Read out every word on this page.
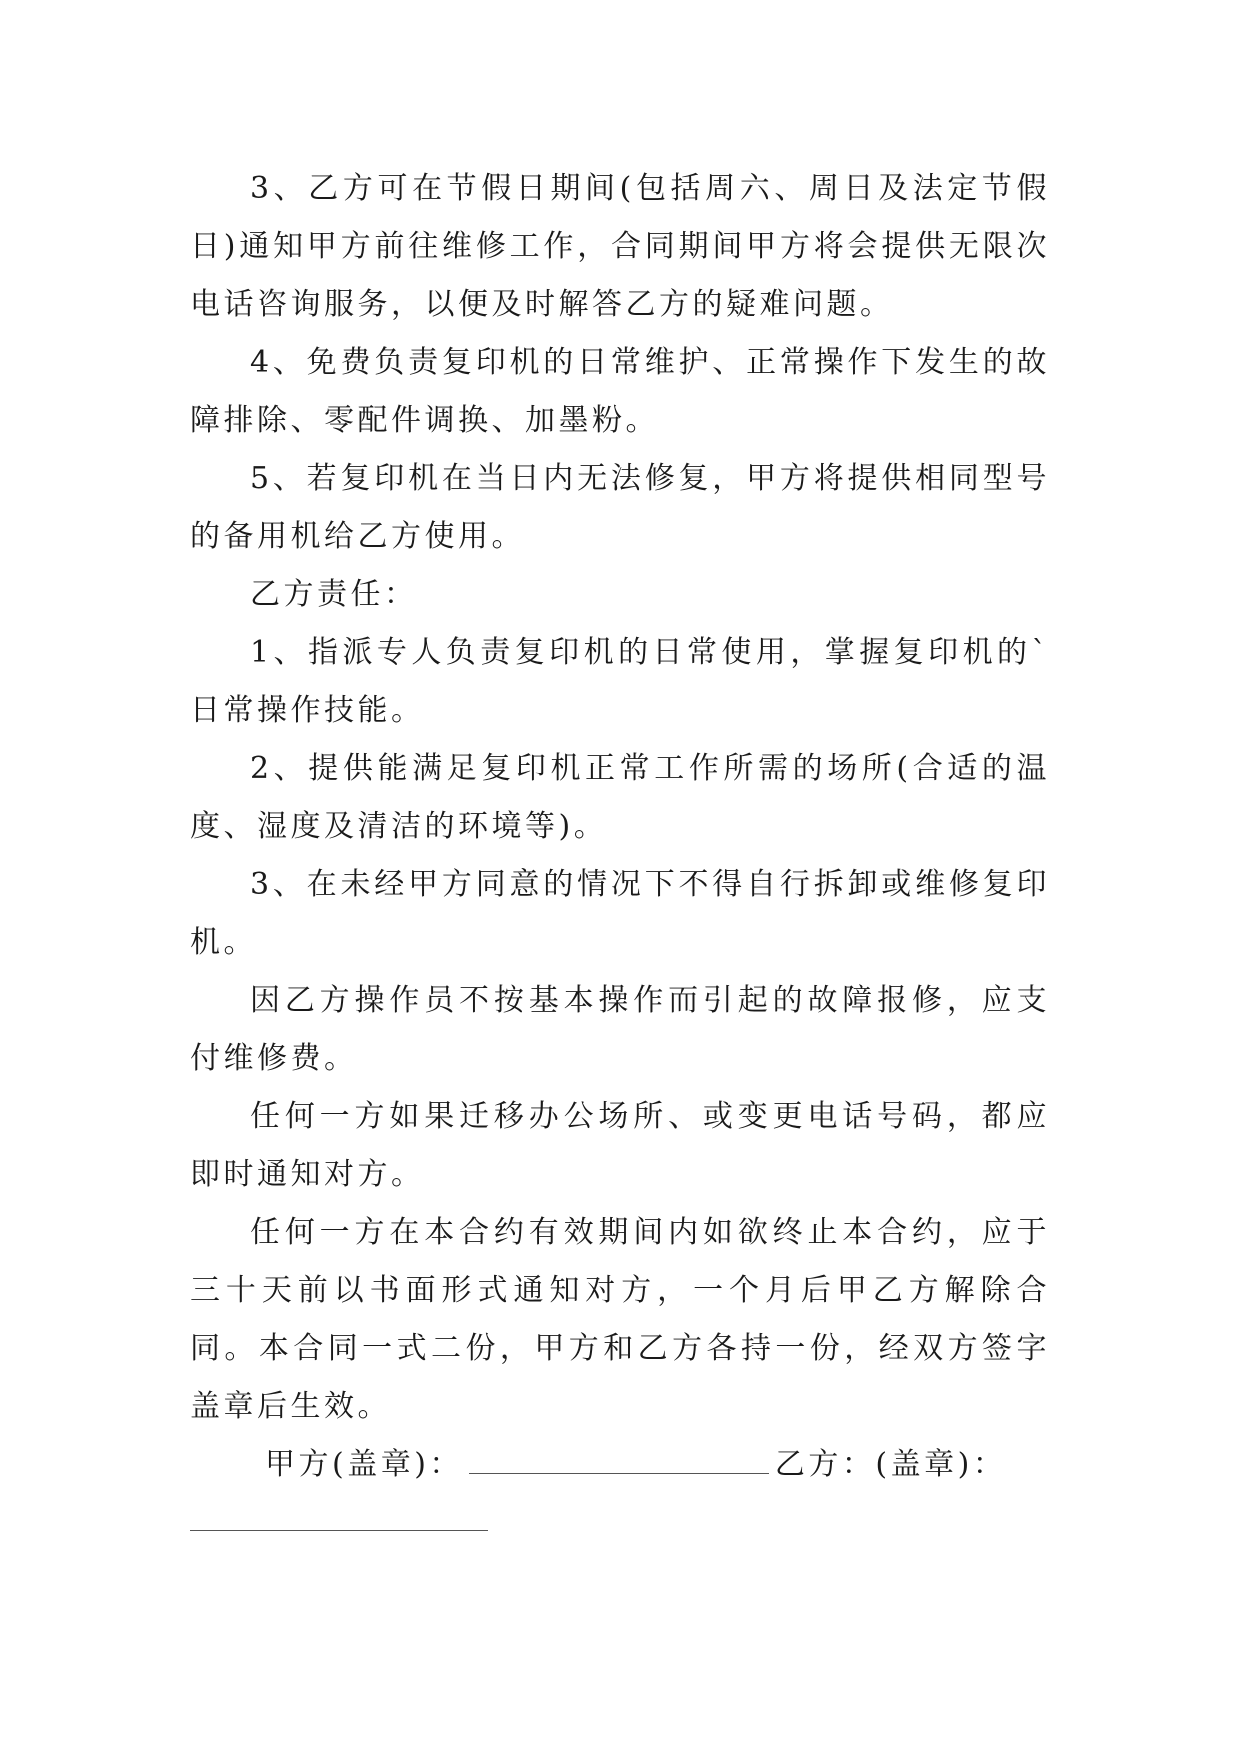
3、乙方可在节假日期间(包括周六、周日及法定节假日)通知甲方前往维修工作，合同期间甲方将会提供无限次电话咨询服务，以便及时解答乙方的疑难问题。

4、免费负责复印机的日常维护、正常操作下发生的故障排除、零配件调换、加墨粉。

5、若复印机在当日内无法修复，甲方将提供相同型号的备用机给乙方使用。

乙方责任：

1、指派专人负责复印机的日常使用，掌握复印机的`日常操作技能。

2、提供能满足复印机正常工作所需的场所(合适的温度、湿度及清洁的环境等)。

3、在未经甲方同意的情况下不得自行拆卸或维修复印机。

因乙方操作员不按基本操作而引起的故障报修，应支付维修费。

任何一方如果迁移办公场所、或变更电话号码，都应即时通知对方。

任何一方在本合约有效期间内如欲终止本合约，应于三十天前以书面形式通知对方，一个月后甲乙方解除合同。本合同一式二份，甲方和乙方各持一份，经双方签字盖章后生效。

甲方(盖章)：	乙方：(盖章)：
